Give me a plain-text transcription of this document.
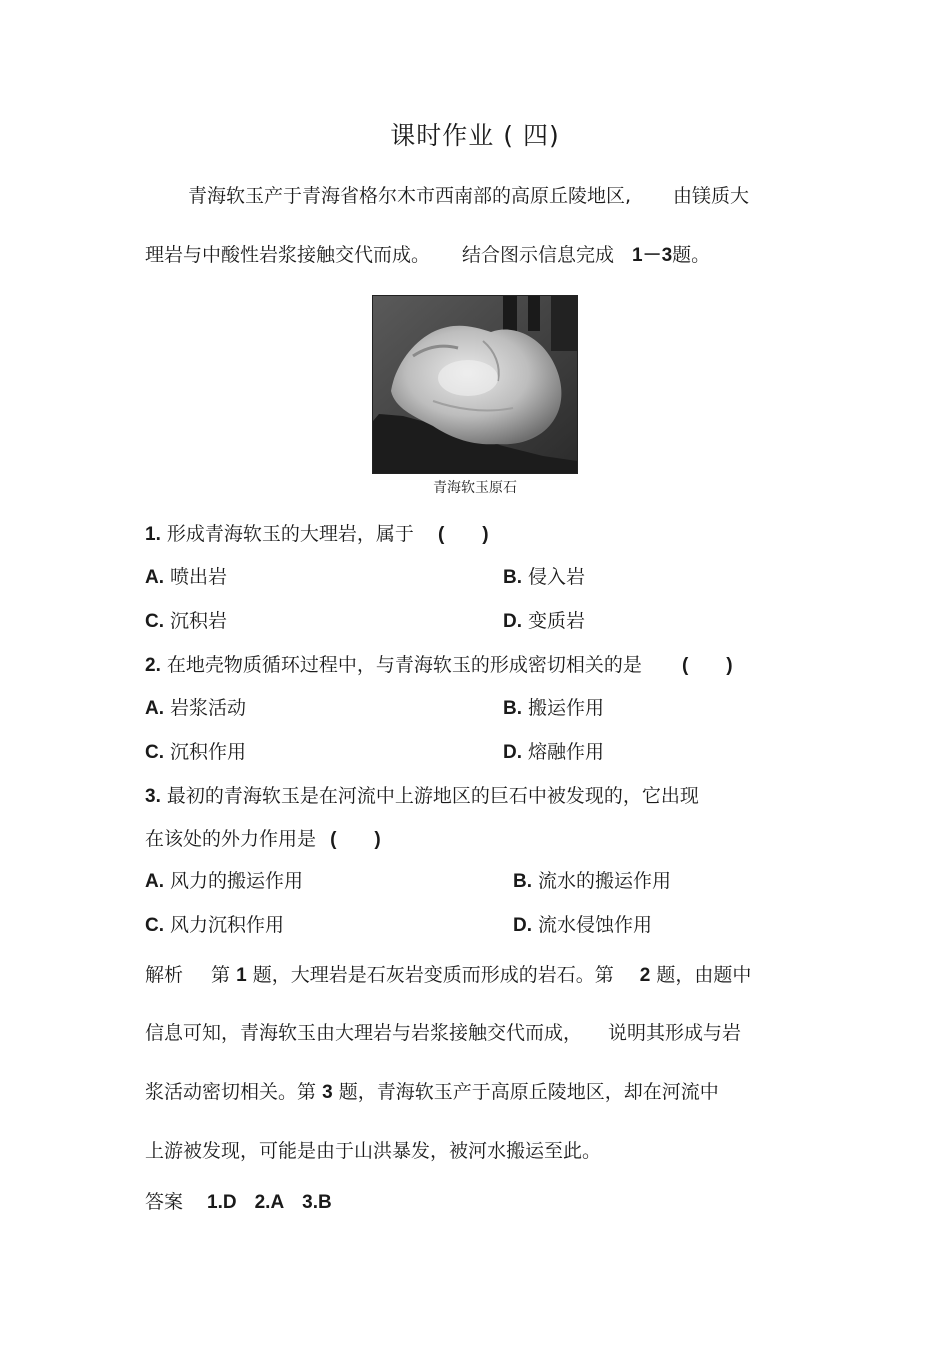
课时作业 ( 四)
青海软玉产于青海省格尔木市西南部的高原丘陵地区, 由镁质大
理岩与中酸性岩浆接触交代而成。 结合图示信息完成 1－3题。
青海软玉原石
1. 形成青海软玉的大理岩，属于 (　　)
A. 喷出岩	B. 侵入岩
C. 沉积岩	D. 变质岩
2. 在地壳物质循环过程中，与青海软玉的形成密切相关的是 (　　)
A. 岩浆活动	B. 搬运作用
C. 沉积作用	D. 熔融作用
3. 最初的青海软玉是在河流中上游地区的巨石中被发现的，它出现
在该处的外力作用是 (　　)
A. 风力的搬运作用	B. 流水的搬运作用
C. 风力沉积作用	D. 流水侵蚀作用
解析 第 1 题，大理岩是石灰岩变质而形成的岩石。第 2 题，由题中
信息可知，青海软玉由大理岩与岩浆接触交代而成， 说明其形成与岩
浆活动密切相关。第 3 题，青海软玉产于高原丘陵地区，却在河流中
上游被发现，可能是由于山洪暴发，被河水搬运至此。
答案 1.D 2.A 3.B
